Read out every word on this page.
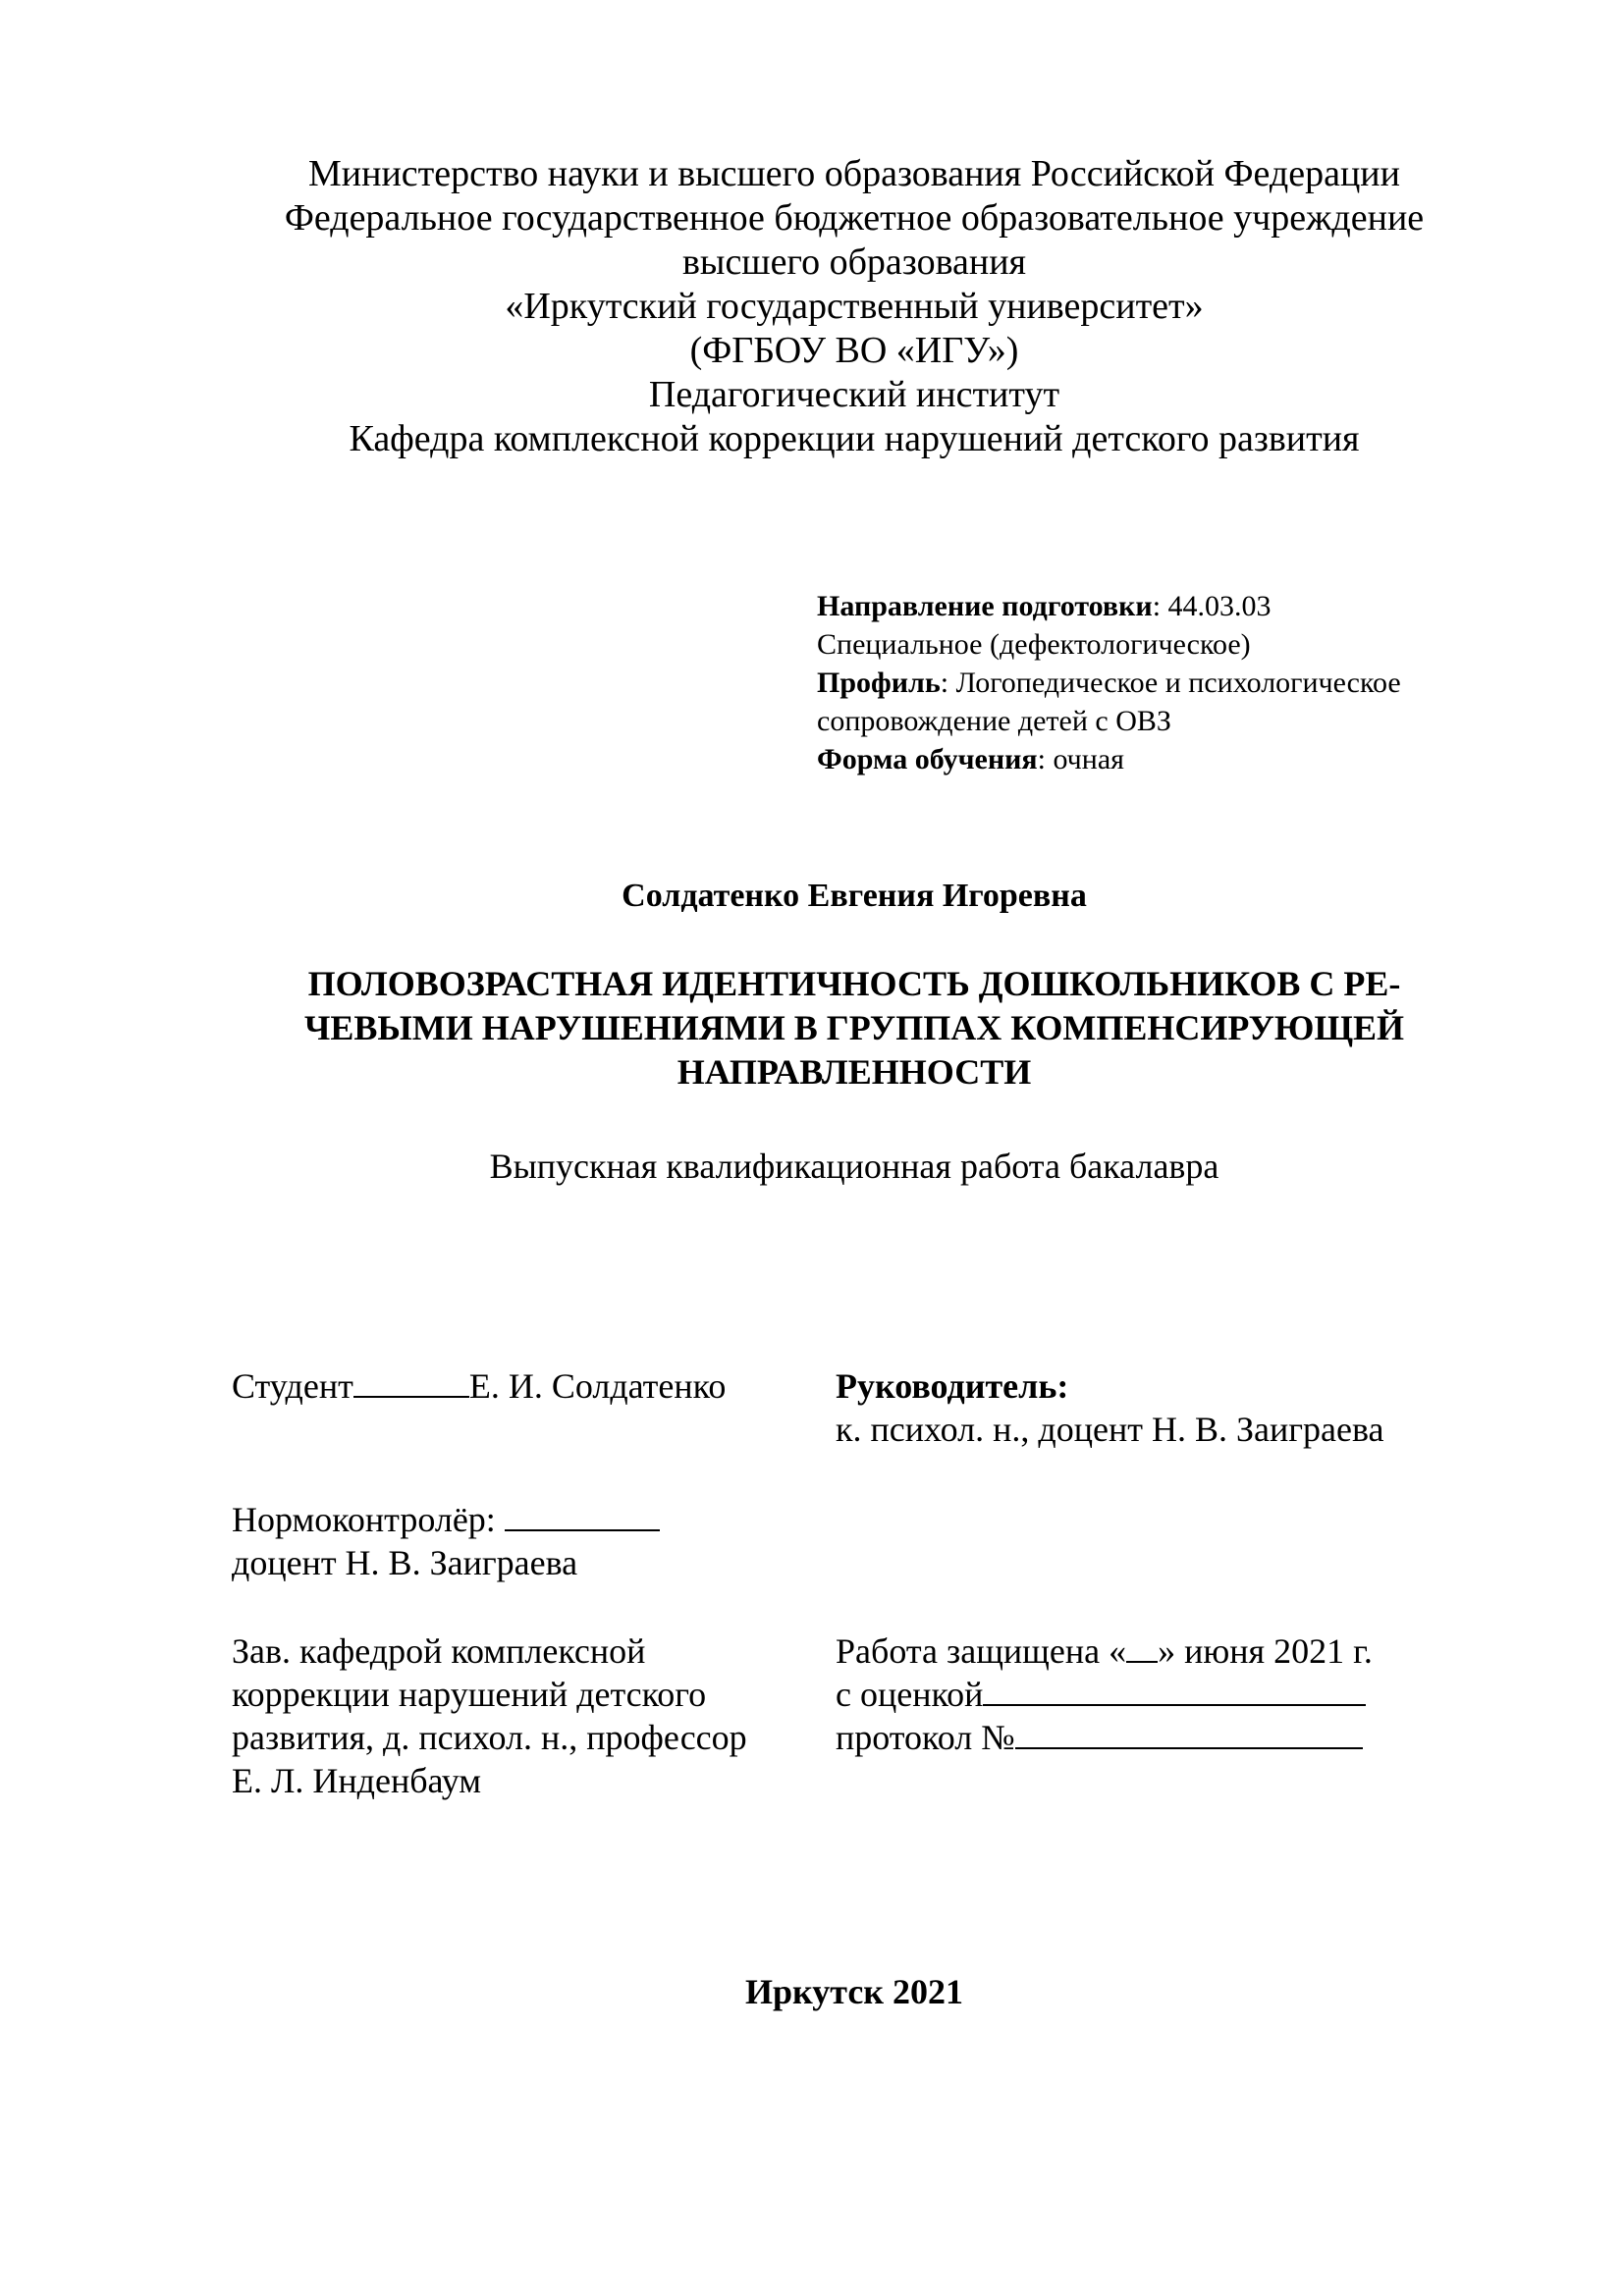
Министерство науки и высшего образования Российской Федерации
Федеральное государственное бюджетное образовательное учреждение
высшего образования
«Иркутский государственный университет»
(ФГБОУ ВО «ИГУ»)
Педагогический институт
Кафедра комплексной коррекции нарушений детского развития
Направление подготовки: 44.03.03
Специальное (дефектологическое)
Профиль: Логопедическое и психологическое
сопровождение детей с ОВЗ
Форма обучения: очная
Солдатенко Евгения Игоревна
ПОЛОВОЗРАСТНАЯ ИДЕНТИЧНОСТЬ ДОШКОЛЬНИКОВ С РЕ-
ЧЕВЫМИ НАРУШЕНИЯМИ В ГРУППАХ КОМПЕНСИРУЮЩЕЙ
НАПРАВЛЕННОСТИ
Выпускная квалификационная работа бакалавра
Студент	Е. И. Солдатенко	Руководитель:
к. психол. н., доцент Н. В. Заиграева
Нормоконтролёр:
доцент Н. В. Заиграева
Зав. кафедрой комплексной
коррекции нарушений детского
развития, д. психол. н., профессор
Е. Л. Инденбаум
Работа защищена « » июня 2021 г.
с оценкой
протокол №
Иркутск 2021
